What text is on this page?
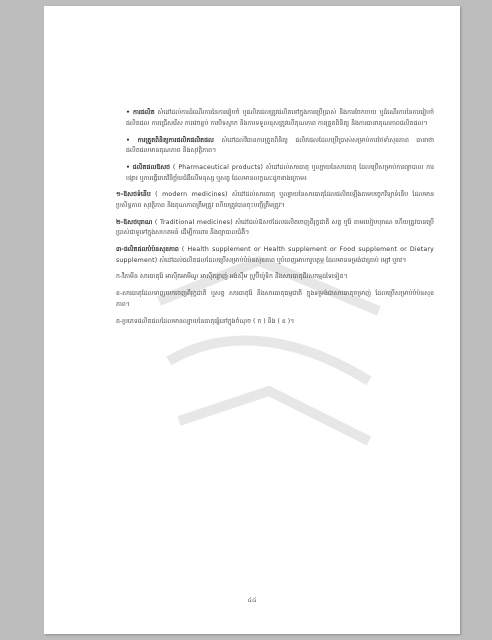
• ការផលិត សំដៅដល់ការដំណើរការនៃការរៀបចំ ឬផលិតផលត្រូវផលិតនៅក្នុងការប្រើប្រាស់ និងការចែកចាយ ឬដំណើរការនៃការរៀបចំផលិតផល ការជ្រើសរើស ការវេចខ្ចប់ ការបិទស្លាក និងការទទួលខុសត្រូវលើគុណភាព ការត្រួតពិនិត្យ និងការធានាគុណភាពផលិតផល។

• ការត្រួតពិនិត្យការផលិតផលិតផល សំដៅដល់វិធានការត្រួតពិនិត្យ ផលិតផលដែលប្រើប្រាស់សម្រាប់ការថែទាំសុខភាព ធានាថាផលិតផលមានគុណភាព និងសុវត្ថិភាព។

• ផលិតផលឱសថ ( Pharmaceutical products) សំដៅដល់សារធាតុ ឬល្បាយនៃសារធាតុ ដែលប្រើសម្រាប់ការព្យាបាល ការបង្ការ ឬការធ្វើរោគវិនិច្ឆ័យជំងឺលើមនុស្ស ឬសត្វ ដែលមានលក្ខណៈដូចខាងក្រោម៖

១-ឱសថទំនើប ( modern medicines) សំដៅដល់សារធាតុ ឬល្បាយនៃសារធាតុដែលផលិតឡើងតាមបច្ចេកវិទ្យាទំនើប ដែលមានប្រសិទ្ធភាព សុវត្ថិភាព និងគុណភាពត្រឹមត្រូវ ហើយត្រូវបានចុះបញ្ជីត្រឹមត្រូវ។

២-ឱសថបុរាណ ( Traditional medicines) សំដៅដល់ឱសថដែលផលិតចេញពីរុក្ខជាតិ សត្វ ឬរ៉ែ តាមរបៀបបុរាណ ហើយត្រូវបានប្រើប្រាស់ជាទូទៅក្នុងសហគមន៍ ដើម្បីការពារ និងព្យាបាលជំងឺ។

៣-ផលិតផលបំប៉នសុខភាព ( Health supplement or Health supplement or Food supplement or Dietary supplement) សំដៅដល់ផលិតផលដែលប្រើសម្រាប់បំប៉នសុខភាព ឬបំពេញអាហារូបត្ថម្ភ ដែលមានទម្រង់ជាគ្រាប់ ម្សៅ ឬរាវ។

ក-វីតាមីន សារធាតុរ៉ែ អាស៊ីតអាមីណូ អាស៊ីតខ្លាញ់ អង់ស៊ីម ប្រូប៊ីយ៉ូទិក និងសារធាតុជីវសកម្មដទៃទៀត។

ខ-សារធាតុដែលទាញយកចេញពីរុក្ខជាតិ ឬសត្វ សារធាតុរ៉ែ និងសារធាតុធម្មជាតិ ក្នុងទម្រង់ជាសារធាតុចម្រាញ់ ដែលប្រើសម្រាប់បំប៉នសុខភាព។

គ-ប្រភេទផលិតផលដែលមានល្បាយនៃធាតុផ្សំនៅក្នុងចំណុច ( ក ) និង ( ខ )។

៤៤
